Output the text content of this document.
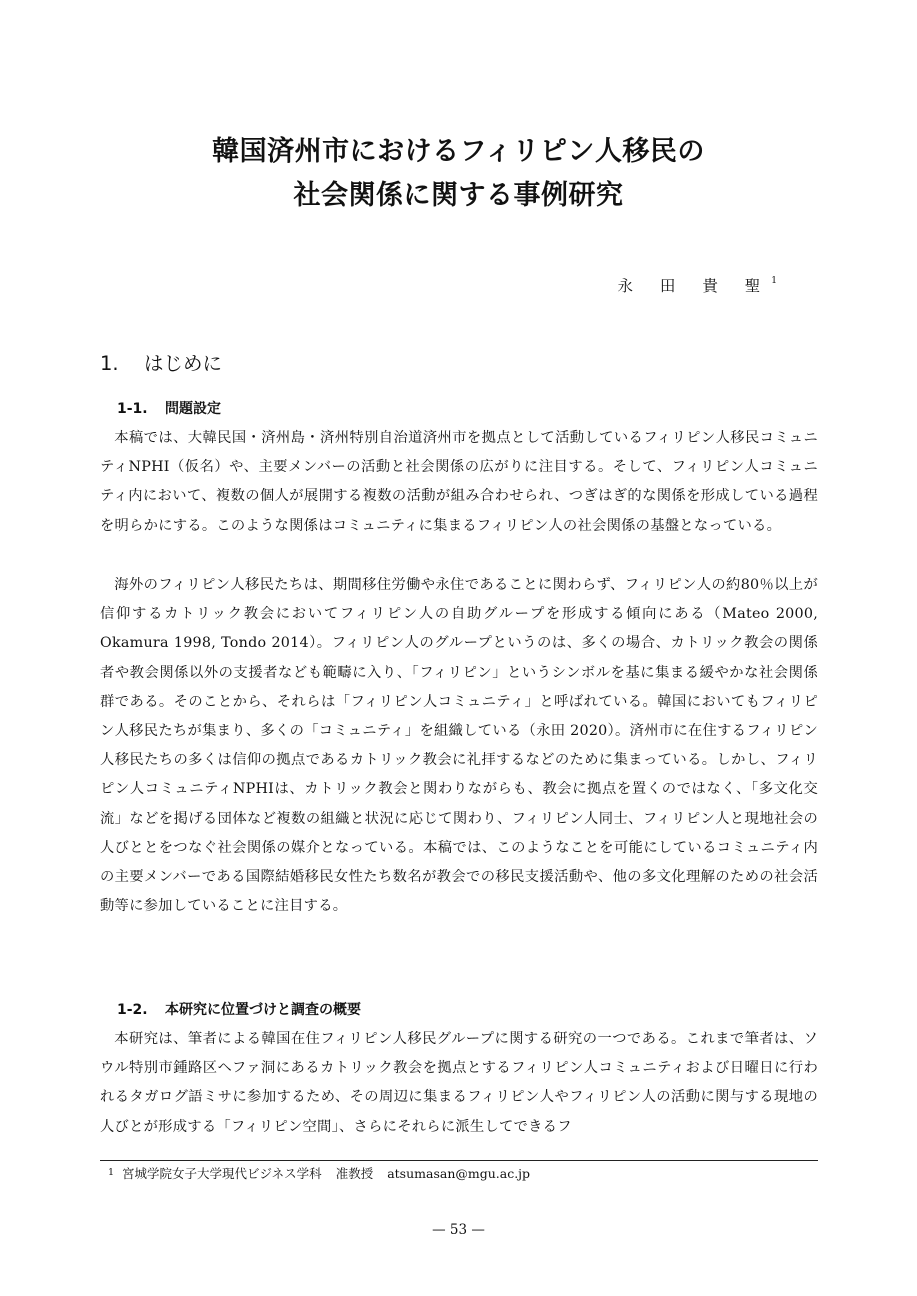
韓国済州市におけるフィリピン人移民の
社会関係に関する事例研究
永 田 貴 聖$^1$
1. はじめに
1-1. 問題設定

本稿では、大韓民国・済州島・済州特別自治道済州市を拠点として活動しているフィリピン人移民コミュニティNPHI（仮名）や、主要メンバーの活動と社会関係の広がりに注目する。そして、フィリピン人コミュニティ内において、複数の個人が展開する複数の活動が組み合わせられ、つぎはぎ的な関係を形成している過程を明らかにする。このような関係はコミュニティに集まるフィリピン人の社会関係の基盤となっている。

海外のフィリピン人移民たちは、期間移住労働や永住であることに関わらず、フィリピン人の約80％以上が信仰するカトリック教会においてフィリピン人の自助グループを形成する傾向にある（Mateo 2000, Okamura 1998, Tondo 2014）。フィリピン人のグループというのは、多くの場合、カトリック教会の関係者や教会関係以外の支援者なども範疇に入り、「フィリピン」というシンボルを基に集まる緩やかな社会関係群である。そのことから、それらは「フィリピン人コミュニティ」と呼ばれている。韓国においてもフィリピン人移民たちが集まり、多くの「コミュニティ」を組織している（永田 2020）。済州市に在住するフィリピン人移民たちの多くは信仰の拠点であるカトリック教会に礼拝するなどのために集まっている。しかし、フィリピン人コミュニティNPHIは、カトリック教会と関わりながらも、教会に拠点を置くのではなく、「多文化交流」などを掲げる団体など複数の組織と状況に応じて関わり、フィリピン人同士、フィリピン人と現地社会の人びととをつなぐ社会関係の媒介となっている。本稿では、このようなことを可能にしているコミュニティ内の主要メンバーである国際結婚移民女性たち数名が教会での移民支援活動や、他の多文化理解のための社会活動等に参加していることに注目する。

1-2. 本研究に位置づけと調査の概要

本研究は、筆者による韓国在住フィリピン人移民グループに関する研究の一つである。これまで筆者は、ソウル特別市鍾路区ヘファ洞にあるカトリック教会を拠点とするフィリピン人コミュニティおよび日曜日に行われるタガログ語ミサに参加するため、その周辺に集まるフィリピン人やフィリピン人の活動に関与する現地の人びとが形成する「フィリピン空間」、さらにそれらに派生してできるフ

$^1$ 宮城学院女子大学現代ビジネス学科 准教授 atsumasan@mgu.ac.jp
— 53 —
